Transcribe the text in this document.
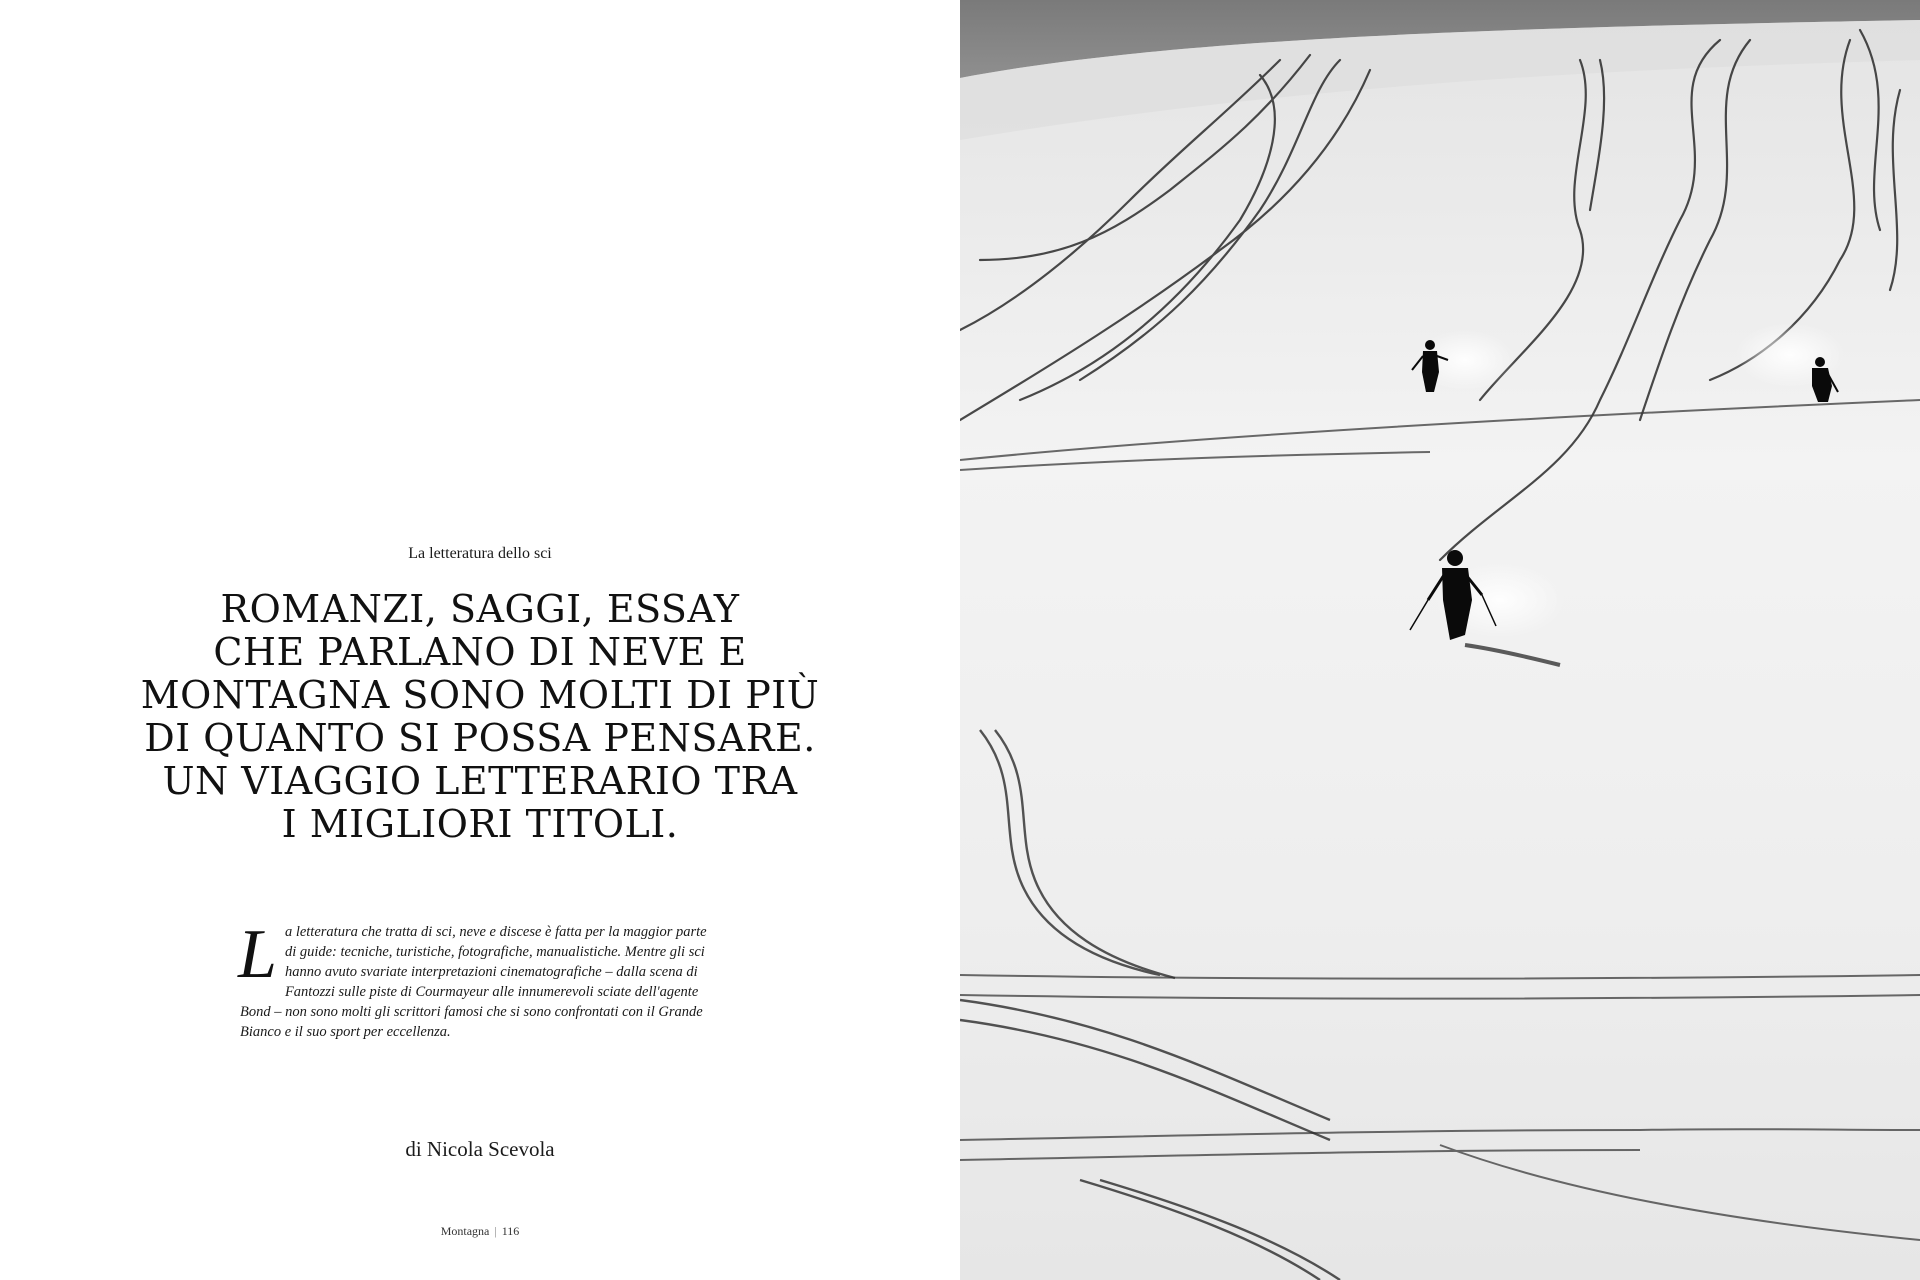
La letteratura dello sci
ROMANZI, SAGGI, ESSAY
CHE PARLANO DI NEVE E
MONTAGNA SONO MOLTI DI PIÙ
DI QUANTO SI POSSA PENSARE.
UN VIAGGIO LETTERARIO TRA
I MIGLIORI TITOLI.

L a letteratura che tratta di sci, neve e discese è fatta per la maggior parte di guide: tecniche, turistiche, fotografiche, manualistiche. Mentre gli sci hanno avuto svariate interpretazioni cinematografiche – dalla scena di Fantozzi sulle piste di Courmayeur alle innumerevoli sciate dell'agente Bond – non sono molti gli scrittori famosi che si sono confrontati con il Grande Bianco e il suo sport per eccellenza.

di Nicola Scevola
Montagna | 116
